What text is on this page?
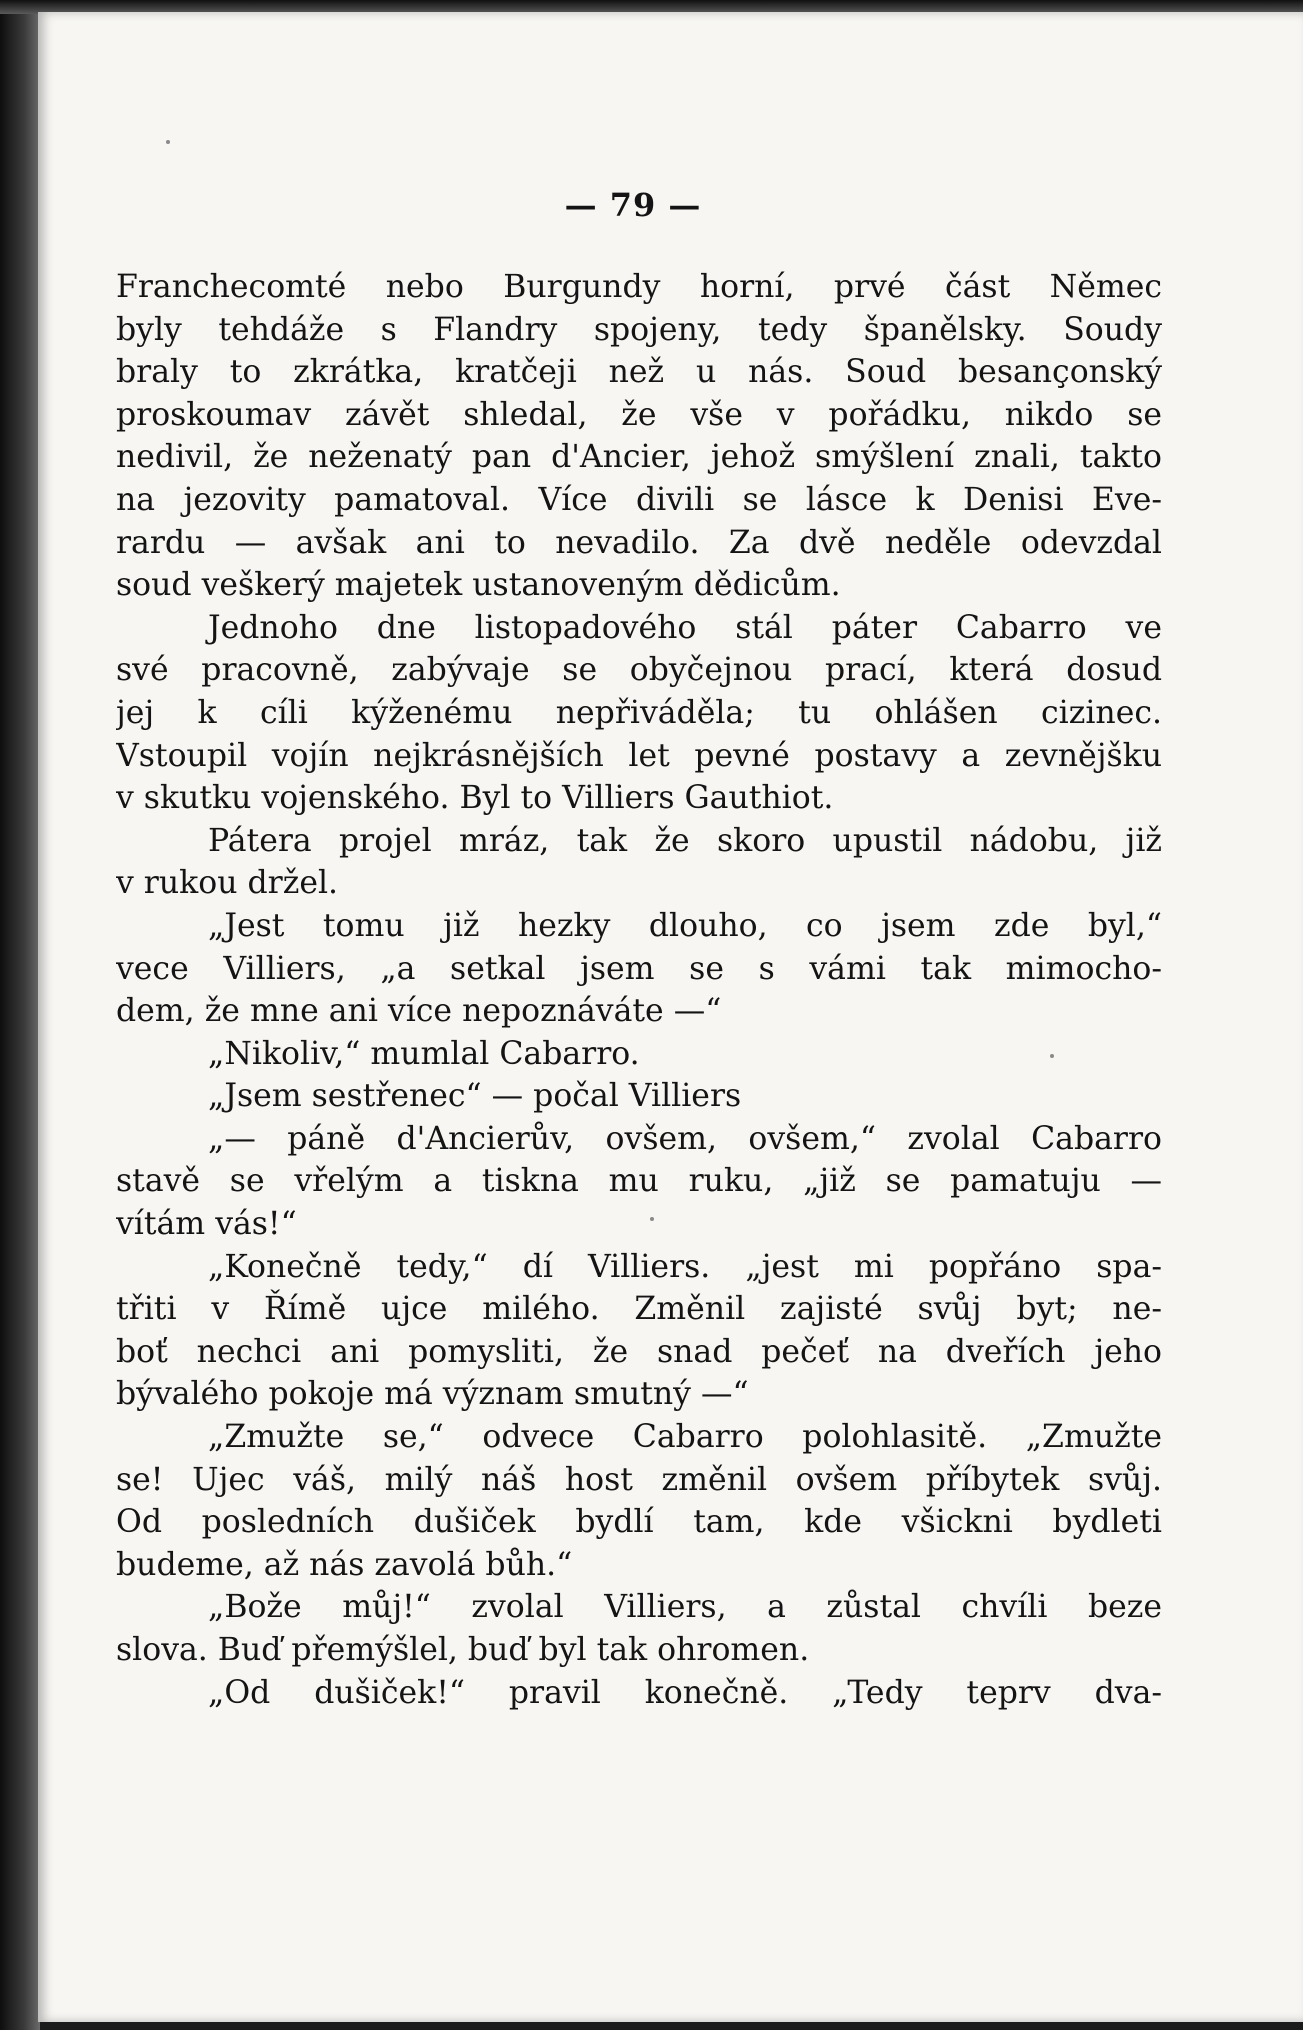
— 79 —
Franchecomté nebo Burgundy horní, prvé část Němec
byly tehdáže s Flandry spojeny, tedy španělsky. Soudy
braly to zkrátka, kratčeji než u nás. Soud besançonský
proskoumav závět shledal, že vše v pořádku, nikdo se
nedivil, že neženatý pan d'Ancier, jehož smýšlení znali, takto
na jezovity pamatoval. Více divili se lásce k Denisi Eve-
rardu — avšak ani to nevadilo. Za dvě neděle odevzdal
soud veškerý majetek ustanoveným dědicům.
Jednoho dne listopadového stál páter Cabarro ve
své pracovně, zabývaje se obyčejnou prací, která dosud
jej k cíli kýženému nepřiváděla; tu ohlášen cizinec.
Vstoupil vojín nejkrásnějších let pevné postavy a zevnějšku
v skutku vojenského. Byl to Villiers Gauthiot.
Pátera projel mráz, tak že skoro upustil nádobu, již
v rukou držel.
„Jest tomu již hezky dlouho, co jsem zde byl,“
vece Villiers, „a setkal jsem se s vámi tak mimocho-
dem, že mne ani více nepoznáváte —“
„Nikoliv,“ mumlal Cabarro.
„Jsem sestřenec“ — počal Villiers
„— páně d'Ancierův, ovšem, ovšem,“ zvolal Cabarro
stavě se vřelým a tiskna mu ruku, „již se pamatuju —
vítám vás!“
„Konečně tedy,“ dí Villiers. „jest mi popřáno spa-
třiti v Římě ujce milého. Změnil zajisté svůj byt; ne-
boť nechci ani pomysliti, že snad pečeť na dveřích jeho
bývalého pokoje má význam smutný —“
„Zmužte se,“ odvece Cabarro polohlasitě. „Zmužte
se! Ujec váš, milý náš host změnil ovšem příbytek svůj.
Od posledních dušiček bydlí tam, kde všickni bydleti
budeme, až nás zavolá bůh.“
„Bože můj!“ zvolal Villiers, a zůstal chvíli beze
slova. Buď přemýšlel, buď byl tak ohromen.
„Od dušiček!“ pravil konečně. „Tedy teprv dva-
